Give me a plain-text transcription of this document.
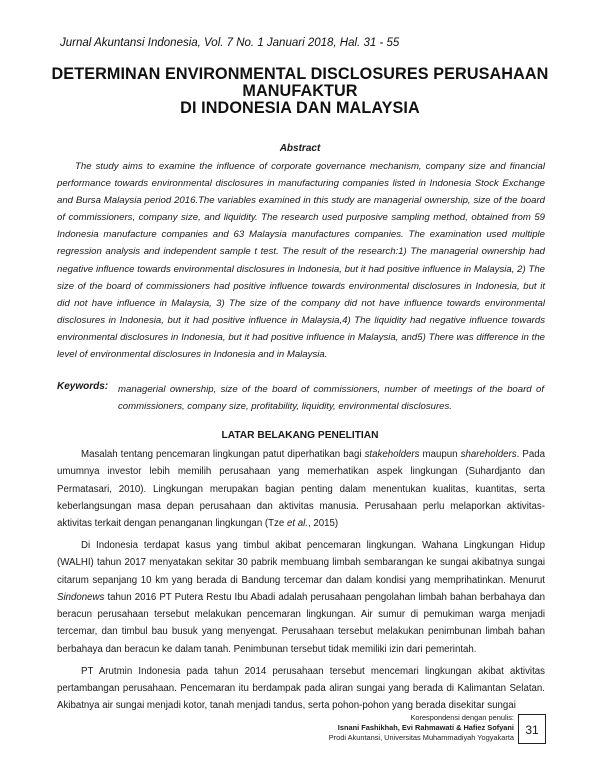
Jurnal Akuntansi Indonesia, Vol. 7 No. 1 Januari 2018, Hal. 31 - 55
DETERMINAN ENVIRONMENTAL DISCLOSURES PERUSAHAAN
MANUFAKTUR
DI INDONESIA DAN MALAYSIA
Abstract

The study aims to examine the influence of corporate governance mechanism, company size and financial performance towards environmental disclosures in manufacturing companies listed in Indonesia Stock Exchange and Bursa Malaysia period 2016.The variables examined in this study are managerial ownership, size of the board of commissioners, company size, and liquidity. The research used purposive sampling method, obtained from 59 Indonesia manufacture companies and 63 Malaysia manufactures companies. The examination used multiple regression analysis and independent sample t test. The result of the research:1) The managerial ownership had negative influence towards environmental disclosures in Indonesia, but it had positive influence in Malaysia, 2) The size of the board of commissioners had positive influence towards environmental disclosures in Indonesia, but it did not have influence in Malaysia, 3) The size of the company did not have influence towards environmental disclosures in Indonesia, but it had positive influence in Malaysia,4) The liquidity had negative influence towards environmental disclosures in Indonesia, but it had positive influence in Malaysia, and5) There was difference in the level of environmental disclosures in Indonesia and in Malaysia.

Keywords: managerial ownership, size of the board of commissioners, number of meetings of the board of commissioners, company size, profitability, liquidity, environmental disclosures.
LATAR BELAKANG PENELITIAN

Masalah tentang pencemaran lingkungan patut diperhatikan bagi stakeholders maupun shareholders. Pada umumnya investor lebih memilih perusahaan yang memerhatikan aspek lingkungan (Suhardjanto dan Permatasari, 2010). Lingkungan merupakan bagian penting dalam menentukan kualitas, kuantitas, serta keberlangsungan masa depan perusahaan dan aktivitas manusia. Perusahaan perlu melaporkan aktivitas-aktivitas terkait dengan penanganan lingkungan (Tze et al., 2015)

Di Indonesia terdapat kasus yang timbul akibat pencemaran lingkungan. Wahana Lingkungan Hidup (WALHI) tahun 2017 menyatakan sekitar 30 pabrik membuang limbah sembarangan ke sungai akibatnya sungai citarum sepanjang 10 km yang berada di Bandung tercemar dan dalam kondisi yang memprihatinkan. Menurut Sindonews tahun 2016 PT Putera Restu Ibu Abadi adalah perusahaan pengolahan limbah bahan berbahaya dan beracun perusahaan tersebut melakukan pencemaran lingkungan. Air sumur di pemukiman warga menjadi tercemar, dan timbul bau busuk yang menyengat. Perusahaan tersebut melakukan penimbunan limbah bahan berbahaya dan beracun ke dalam tanah. Penimbunan tersebut tidak memiliki izin dari pemerintah.

PT Arutmin Indonesia pada tahun 2014 perusahaan tersebut mencemari lingkungan akibat aktivitas pertambangan perusahaan. Pencemaran itu berdampak pada aliran sungai yang berada di Kalimantan Selatan. Akibatnya air sungai menjadi kotor, tanah menjadi tandus, serta pohon-pohon yang berada disekitar sungai

Korespondensi dengan penulis:
Isnani Fashikhah, Evi Rahmawati & Hafiez Sofyani
Prodi Akuntansi, Universitas Muhammadiyah Yogyakarta
31
